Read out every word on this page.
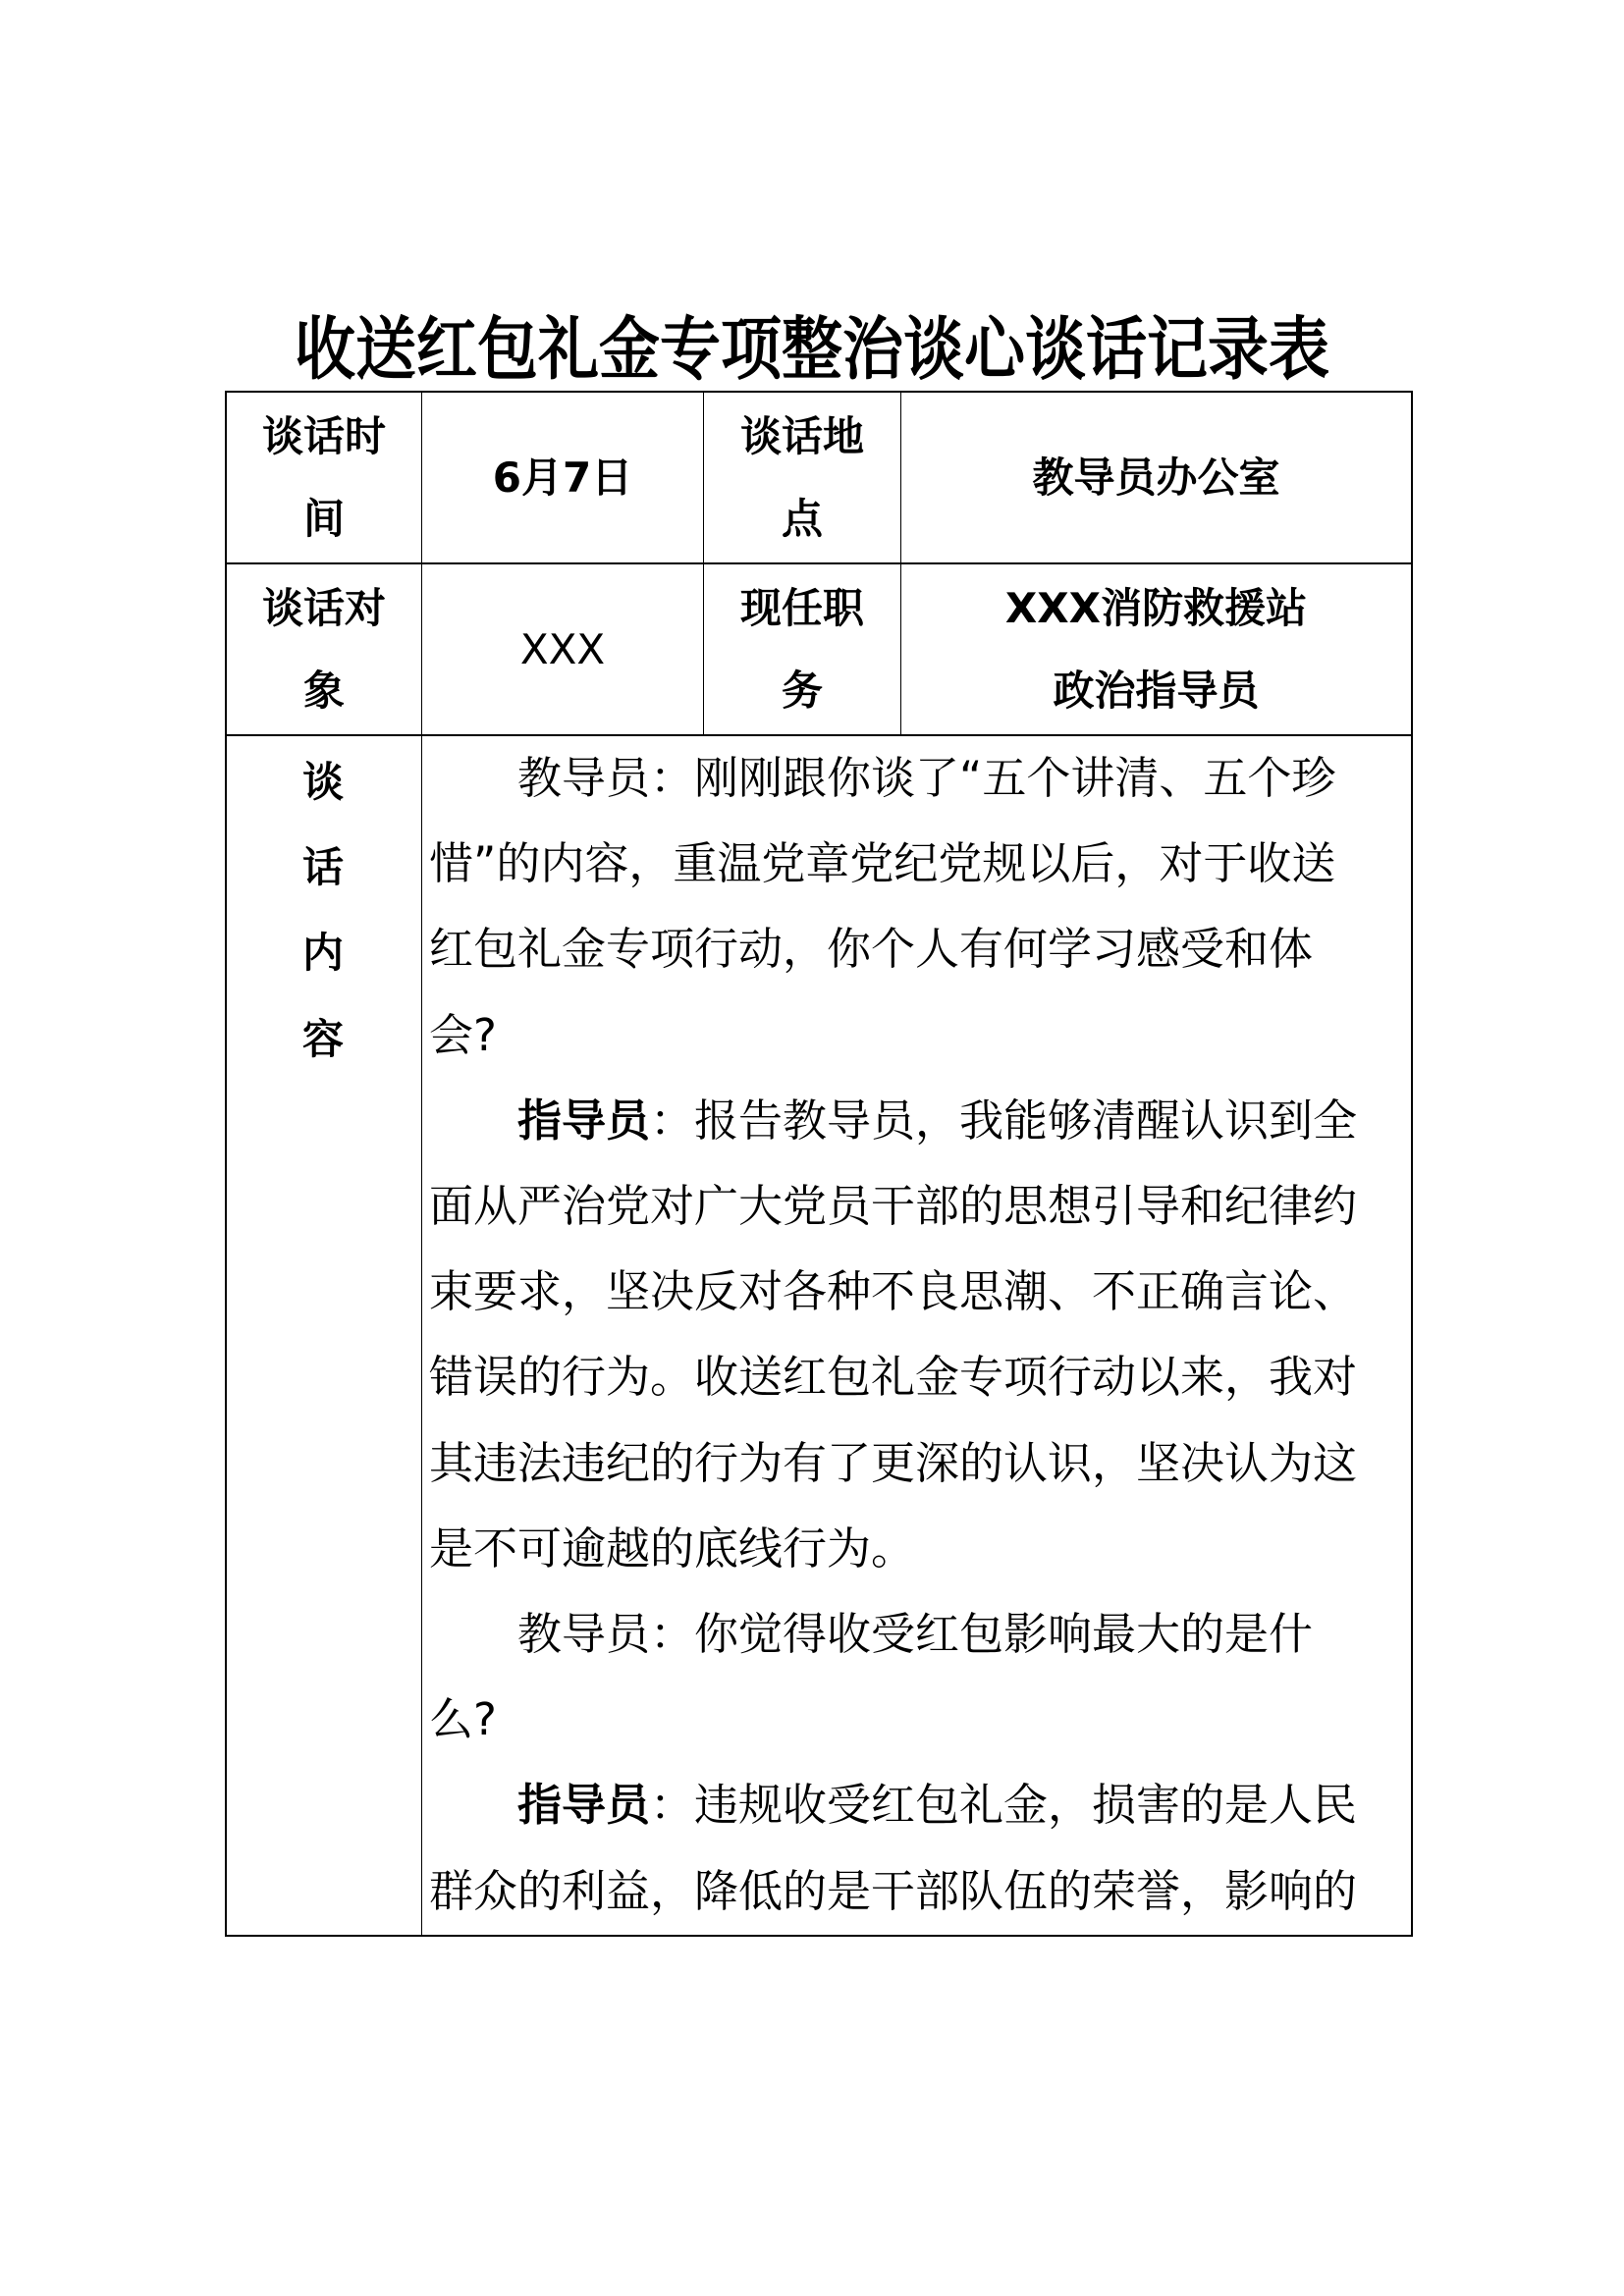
收送红包礼金专项整治谈心谈话记录表
谈话时
间
6月7日
谈话地
点
教导员办公室
谈话对
象
XXX
现任职
务
XXX消防救援站
政治指导员
谈
话
内
容
教导员：刚刚跟你谈了“五个讲清、五个珍
惜”的内容，重温党章党纪党规以后，对于收送
红包礼金专项行动，你个人有何学习感受和体
会?
指导员：报告教导员，我能够清醒认识到全
面从严治党对广大党员干部的思想引导和纪律约
束要求，坚决反对各种不良思潮、不正确言论、
错误的行为。收送红包礼金专项行动以来，我对
其违法违纪的行为有了更深的认识，坚决认为这
是不可逾越的底线行为。
教导员：你觉得收受红包影响最大的是什
么?
指导员：违规收受红包礼金，损害的是人民
群众的利益，降低的是干部队伍的荣誉，影响的
